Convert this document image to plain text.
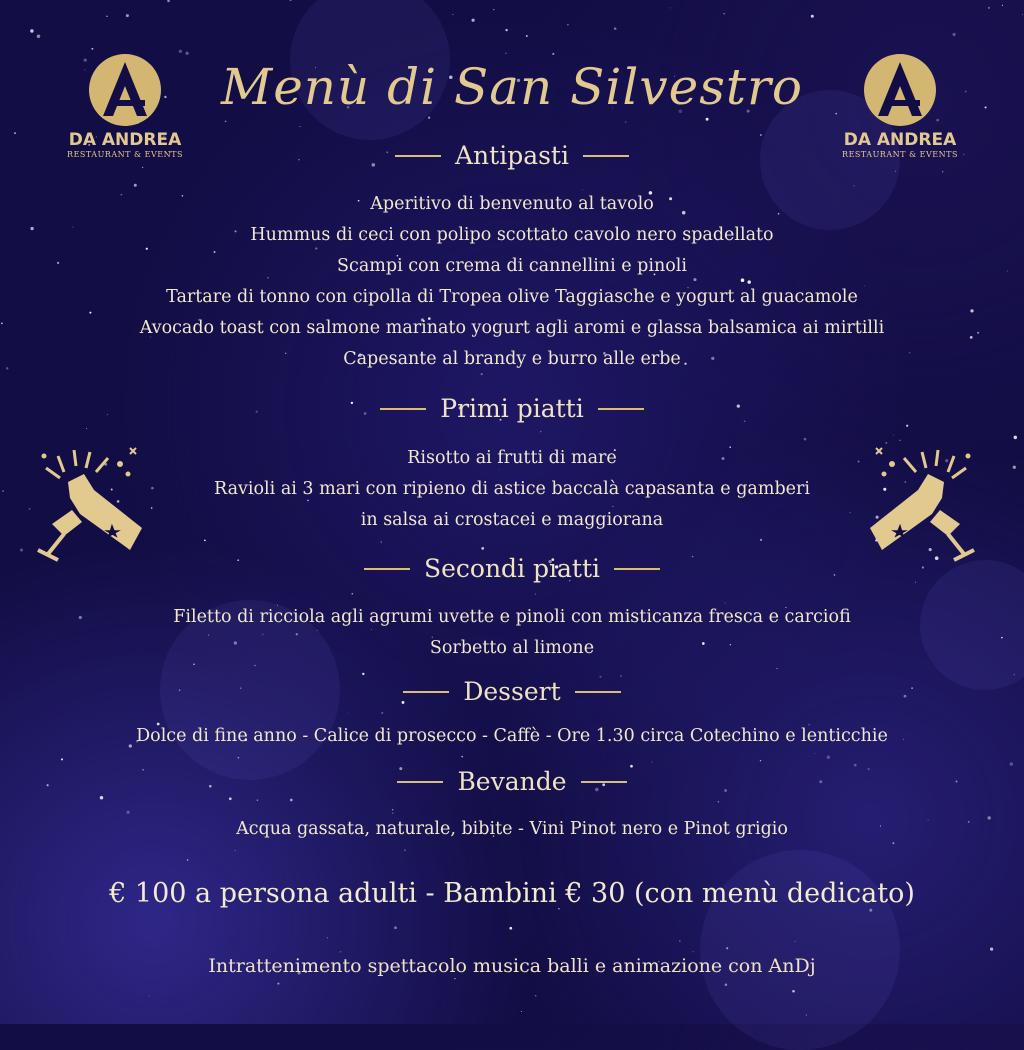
DA ANDREA
RESTAURANT & EVENTS
Menù di San Silvestro
DA ANDREA
RESTAURANT & EVENTS
Antipasti
Aperitivo di benvenuto al tavolo
Hummus di ceci con polipo scottato cavolo nero spadellato
Scampi con crema di cannellini e pinoli
Tartare di tonno con cipolla di Tropea olive Taggiasche e yogurt al guacamole
Avocado toast con salmone marinato yogurt agli aromi e glassa balsamica ai mirtilli
Capesante al brandy e burro alle erbe
Primi piatti
Risotto ai frutti di mare
Ravioli ai 3 mari con ripieno di astice baccalà capasanta e gamberi
in salsa ai crostacei e maggiorana
Secondi piatti
Filetto di ricciola agli agrumi uvette e pinoli con misticanza fresca e carciofi
Sorbetto al limone
Dessert
Dolce di fine anno - Calice di prosecco - Caffè - Ore 1.30 circa Cotechino e lenticchie
Bevande
Acqua gassata, naturale, bibite - Vini Pinot nero e Pinot grigio
€ 100 a persona adulti - Bambini € 30 (con menù dedicato)
Intrattenimento spettacolo musica balli e animazione con AnDj
